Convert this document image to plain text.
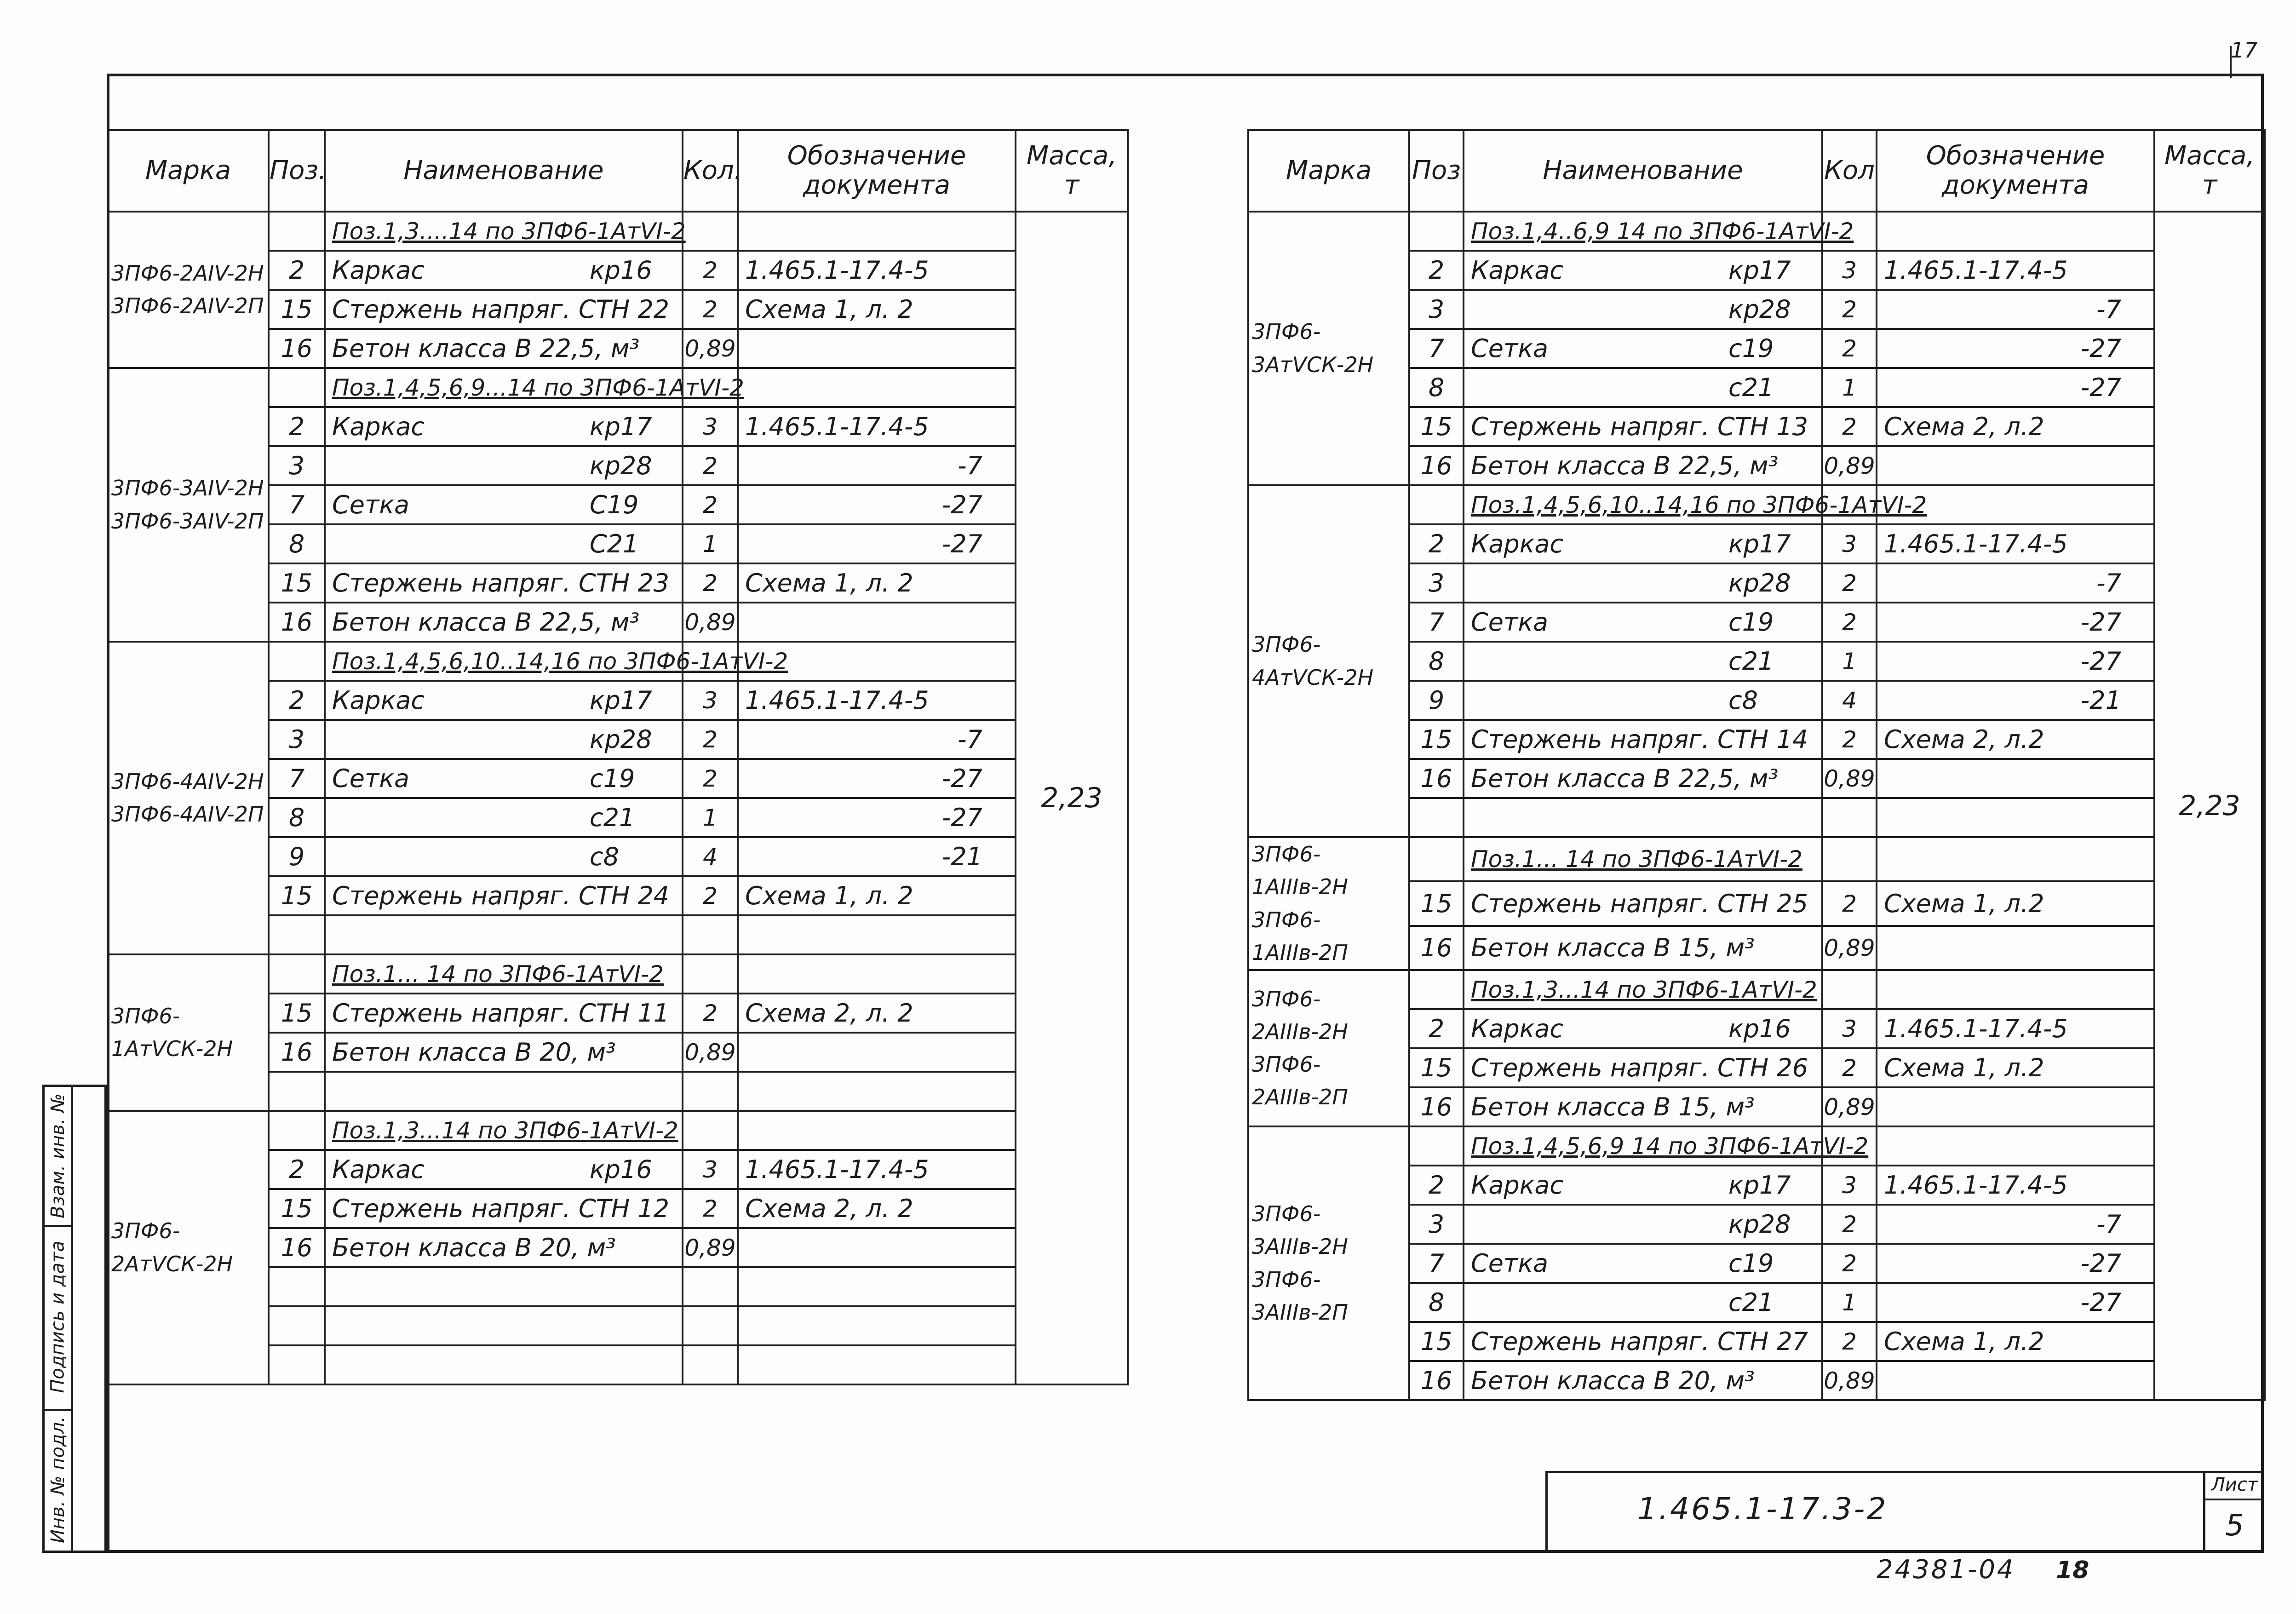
17
Марка	Поз.	Наименование	Кол.	Обозначение документа	Масса, т

3ПФ6-2AIV-2H
3ПФ6-2AIV-2П		Поз.1,3....14 по 3ПФ6-1AтVI-2			2,23
	2	Каркас кр16	2	1.465.1-17.4-5	
	15	Стержень напряг. СТН 22	2	Схема 1, л. 2	
	16	Бетон класса В 22,5, м³	0,89		

3ПФ6-3AIV-2H
3ПФ6-3AIV-2П		Поз.1,4,5,6,9...14 по 3ПФ6-1AтVI-2			
	2	Каркас кр17	3	1.465.1-17.4-5	
	3	кр28	2	-7	
	7	Сетка С19	2	-27	
	8	С21	1	-27	
	15	Стержень напряг. СТН 23	2	Схема 1, л. 2	
	16	Бетон класса В 22,5, м³	0,89		

3ПФ6-4AIV-2H
3ПФ6-4AIV-2П		Поз.1,4,5,6,10..14,16 по 3ПФ6-1AтVI-2			
	2	Каркас кр17	3	1.465.1-17.4-5	
	3	кр28	2	-7	
	7	Сетка с19	2	-27	
	8	с21	1	-27	
	9	с8	4	-21	
	15	Стержень напряг. СТН 24	2	Схема 1, л. 2	

3ПФ6-1AтVСК-2H		Поз.1... 14 по 3ПФ6-1AтVI-2			
	15	Стержень напряг. СТН 11	2	Схема 2, л. 2	
	16	Бетон класса В 20, м³	0,89		

3ПФ6-2AтVСК-2H		Поз.1,3...14 по 3ПФ6-1AтVI-2			
	2	Каркас кр16	3	1.465.1-17.4-5	
	15	Стержень напряг. СТН 12	2	Схема 2, л. 2	
	16	Бетон класса В 20, м³	0,89		

Марка	Поз	Наименование	Кол	Обозначение документа	Масса, т

3ПФ6-3AтVСК-2H		Поз.1,4..6,9 14 по 3ПФ6-1AтVI-2			2,23
	2	Каркас кр17	3	1.465.1-17.4-5	
	3	кр28	2	-7	
	7	Сетка с19	2	-27	
	8	с21	1	-27	
	15	Стержень напряг. СТН 13	2	Схема 2, л.2	
	16	Бетон класса В 22,5, м³	0,89		

3ПФ6-4AтVСК-2H		Поз.1,4,5,6,10..14,16 по 3ПФ6-1AтVI-2			
	2	Каркас кр17	3	1.465.1-17.4-5	
	3	кр28	2	-7	
	7	Сетка с19	2	-27	
	8	с21	1	-27	
	9	с8	4	-21	
	15	Стержень напряг. СТН 14	2	Схема 2, л.2	
	16	Бетон класса В 22,5, м³	0,89		

3ПФ6-1AIIIв-2H
3ПФ6-1AIIIв-2П		Поз.1... 14 по 3ПФ6-1AтVI-2			
	15	Стержень напряг. СТН 25	2	Схема 1, л.2	
	16	Бетон класса В 15, м³	0,89		

3ПФ6-2AIIIв-2H
3ПФ6-2AIIIв-2П		Поз.1,3...14 по 3ПФ6-1AтVI-2			
	2	Каркас кр16	3	1.465.1-17.4-5	
	15	Стержень напряг. СТН 26	2	Схема 1, л.2	
	16	Бетон класса В 15, м³	0,89		

3ПФ6-3AIIIв-2H
3ПФ6-3AIIIв-2П		Поз.1,4,5,6,9 14 по 3ПФ6-1AтVI-2			
	2	Каркас кр17	3	1.465.1-17.4-5	
	3	кр28	2	-7	
	7	Сетка с19	2	-27	
	8	с21	1	-27	
	15	Стержень напряг. СТН 27	2	Схема 1, л.2	
	16	Бетон класса В 20, м³	0,89		
Взам. инв. №
Подпись и дата
Инв. № подл.	1.465.1-17.3-2
Лист
5
24381-04 18
